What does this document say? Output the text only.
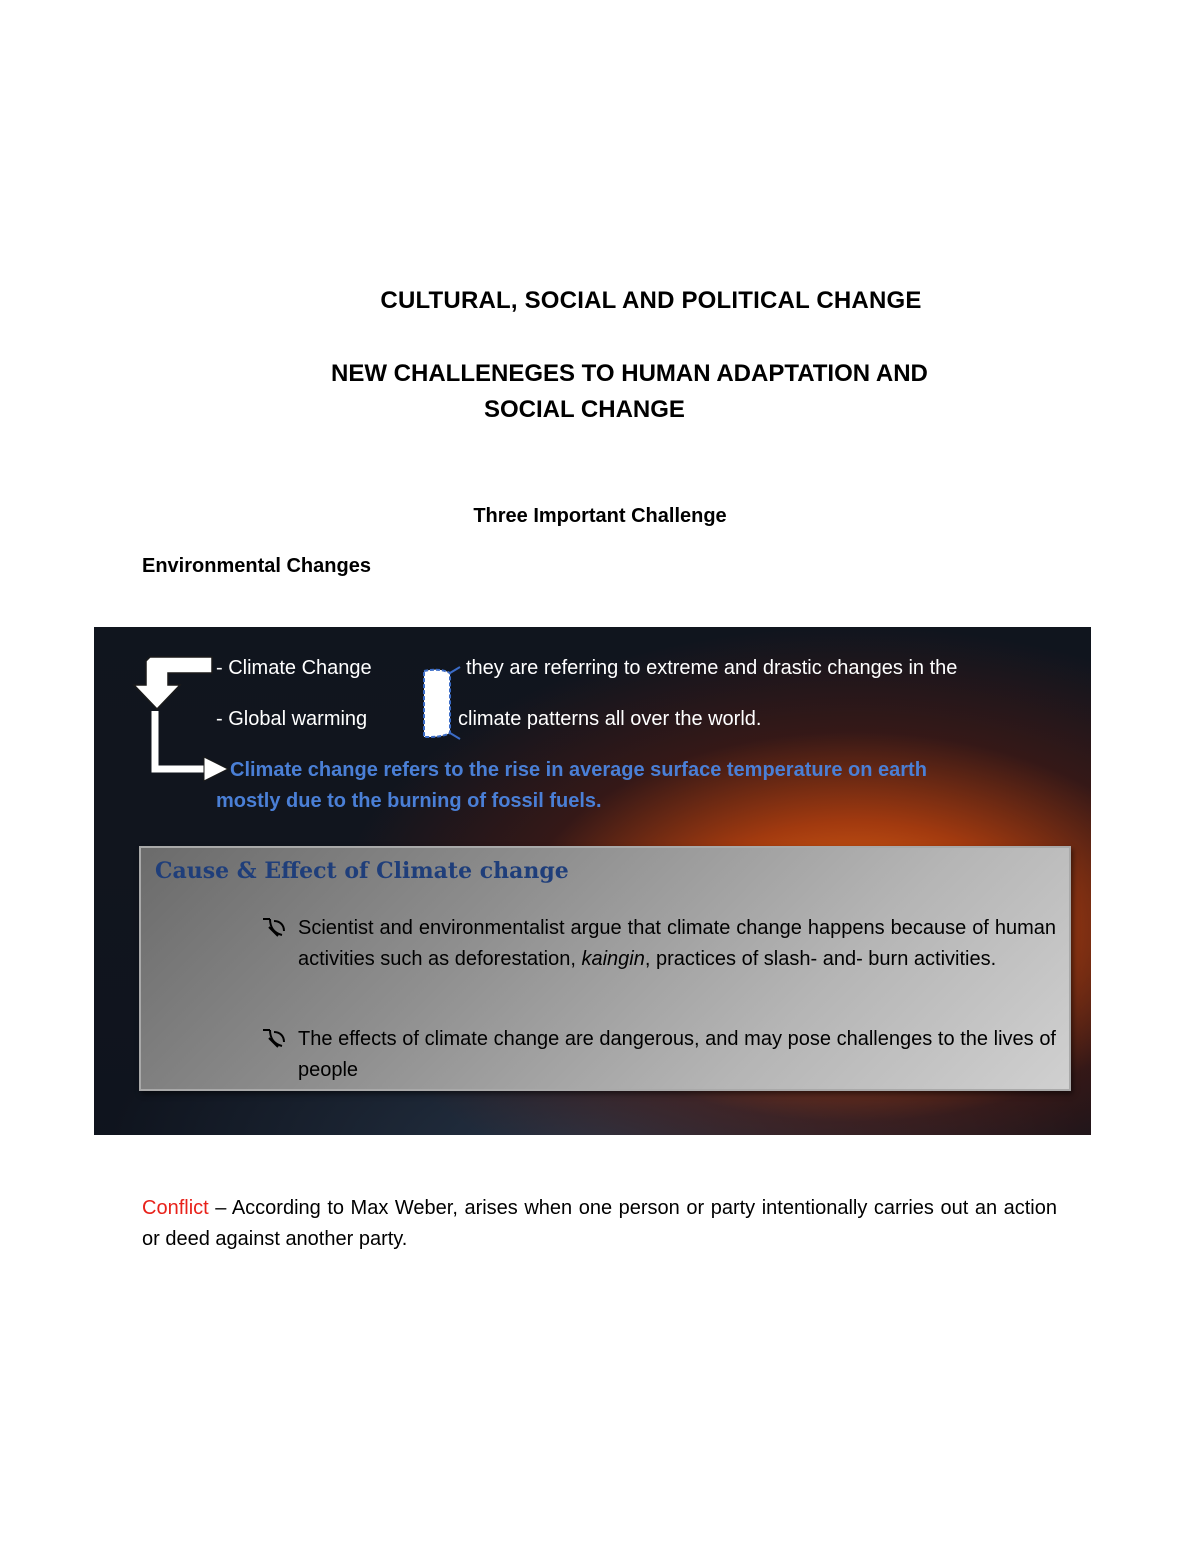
CULTURAL, SOCIAL AND POLITICAL CHANGE
NEW CHALLENEGES TO HUMAN ADAPTATION AND
SOCIAL CHANGE
Three Important Challenge
Environmental Changes
- Climate Change
- Global warming
they are referring to extreme and drastic changes in the
climate patterns all over the world.
Climate change refers to the rise in average surface temperature on earth
mostly due to the burning of fossil fuels.
Cause & Effect of Climate change
Scientist and environmentalist argue that climate change happens because of human activities such as deforestation, kaingin, practices of slash- and- burn activities.
The effects of climate change are dangerous, and may pose challenges to the lives of people
Conflict – According to Max Weber, arises when one person or party intentionally carries out an action or deed against another party.
